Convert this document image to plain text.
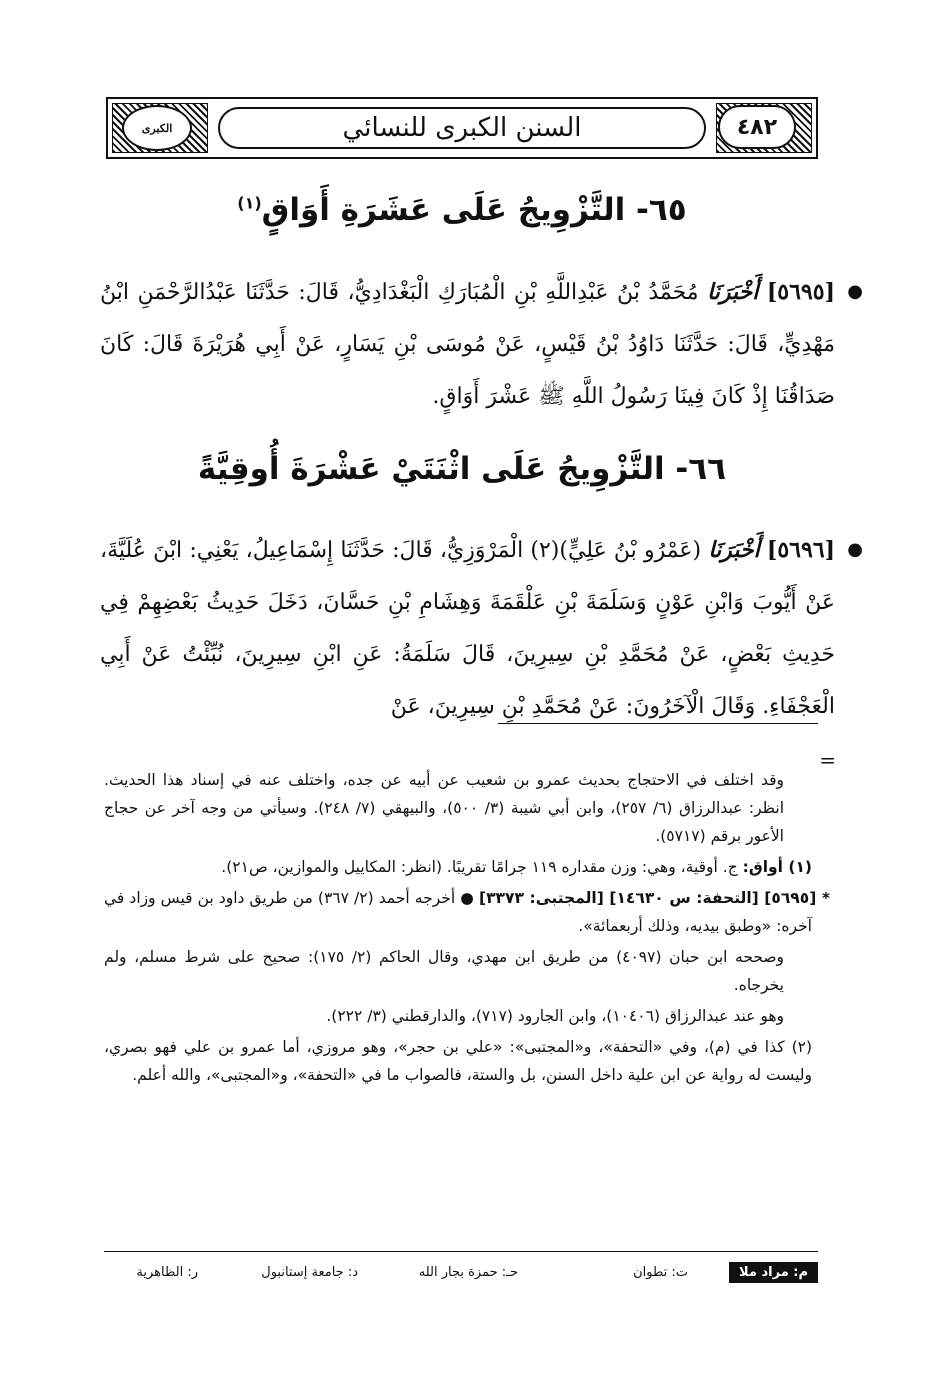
٤٨٢
الكبرى	السنن الكبرى للنسائي
٦٥- التَّزْوِيجُ عَلَى عَشَرَةِ أَوَاقٍ$^{(١)}$
●
[٥٦٩٥] أَخْبَرَنَا مُحَمَّدُ بْنُ عَبْدِاللَّهِ بْنِ الْمُبَارَكِ الْبَغْدَادِيُّ، قَالَ: حَدَّثَنَا عَبْدُالرَّحْمَنِ ابْنُ مَهْدِيٍّ، قَالَ: حَدَّثَنَا دَاوُدُ بْنُ قَيْسٍ، عَنْ مُوسَى بْنِ يَسَارٍ، عَنْ أَبِي هُرَيْرَةَ قَالَ: كَانَ صَدَاقُنَا إِذْ كَانَ فِينَا رَسُولُ اللَّهِ ﷺ عَشْرَ أَوَاقٍ.
٦٦- التَّزْوِيجُ عَلَى اثْنَتَيْ عَشْرَةَ أُوقِيَّةً
●
[٥٦٩٦] أَخْبَرَنَا (عَمْرُو بْنُ عَلِيٍّ)(٢) الْمَرْوَزِيُّ، قَالَ: حَدَّثَنَا إِسْمَاعِيلُ، يَعْنِي: ابْنَ عُلَيَّةَ، عَنْ أَيُّوبَ وَابْنِ عَوْنٍ وَسَلَمَةَ بْنِ عَلْقَمَةَ وَهِشَامِ بْنِ حَسَّانَ، دَخَلَ حَدِيثُ بَعْضِهِمْ فِي حَدِيثِ بَعْضٍ، عَنْ مُحَمَّدِ بْنِ سِيرِينَ، قَالَ سَلَمَةُ: عَنِ ابْنِ سِيرِينَ، نُبِّئْتُ عَنْ أَبِي الْعَجْفَاءِ. وَقَالَ الْآخَرُونَ: عَنْ مُحَمَّدِ بْنِ سِيرِينَ، عَنْ
=

وقد اختلف في الاحتجاج بحديث عمرو بن شعيب عن أبيه عن جده، واختلف عنه في إسناد هذا الحديث. انظر: عبدالرزاق (٦/ ٢٥٧)، وابن أبي شيبة (٣/ ٥٠٠)، والبيهقي (٧/ ٢٤٨). وسيأتي من وجه آخر عن حجاج الأعور برقم (٥٧١٧).

(١) أواق: ج. أوقية، وهي: وزن مقداره ١١٩ جرامًا تقريبًا. (انظر: المكاييل والموازين، ص٢١).

* [٥٦٩٥] [التحفة: س ١٤٦٣٠] [المجتبى: ٣٣٧٣] ● أخرجه أحمد (٢/ ٣٦٧) من طريق داود بن قيس وزاد في آخره: «وطبق بيديه، وذلك أربعمائة».

وصححه ابن حبان (٤٠٩٧) من طريق ابن مهدي، وقال الحاكم (٢/ ١٧٥): صحيح على شرط مسلم، ولم يخرجاه.

وهو عند عبدالرزاق (١٠٤٠٦)، وابن الجارود (٧١٧)، والدارقطني (٣/ ٢٢٢).

(٢) كذا في (م)، وفي «التحفة»، و«المجتبى»: «علي بن حجر»، وهو مروزي، أما عمرو بن علي فهو بصري، وليست له رواية عن ابن علية داخل السنن، بل والستة، فالصواب ما في «التحفة»، و«المجتبى»، والله أعلم.

م: مراد ملا
ت: تطوان
حـ: حمزة بجار الله
د: جامعة إستانبول
ر: الظاهرية
